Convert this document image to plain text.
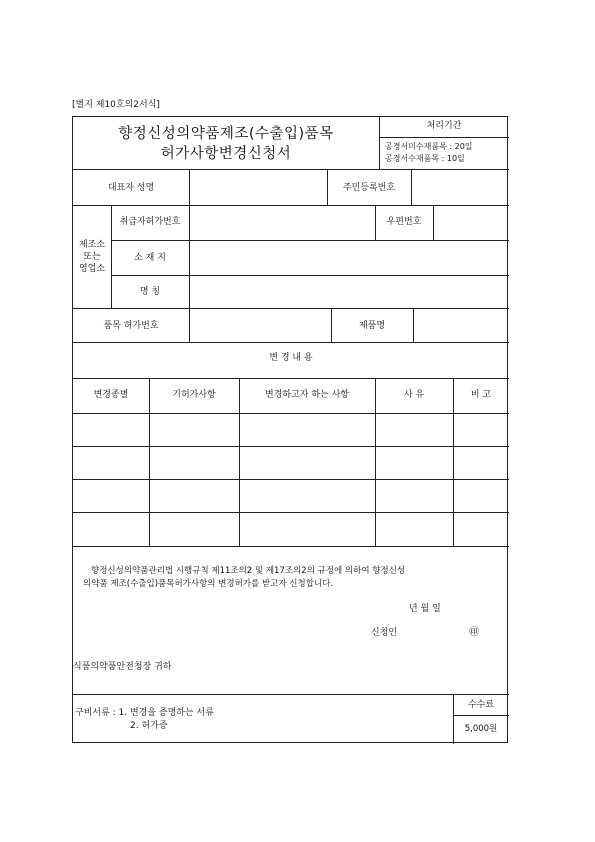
[별지 제10호의2서식]
향정신성의약품제조(수출입)품목
허가사항변경신청서
처리기간
공경서미수재품목 : 20일
공경서수재품목 : 10일
대표자 성명	주민등록번호
제조소
또는
영업소
취급자허가번호	우편번호
소 재 지
명 칭
품목 허가번호	제품명
변 경 내 용
변경종별	기허가사항	변경하고자 하는 사항	사 유	비 고
향정신성의약품관리법 시행규칙 제11조의2 및 제17조의2의 규정에 의하여 향정신성
의약품 제조(수출입)품목허가사항의 변경허가를 받고자 신청합니다.
년 월 일
신청인	㊞
식품의약품안전청장 귀하
구비서류 : 1. 변경을 증명하는 서류
2. 허가증
수수료
5,000원
